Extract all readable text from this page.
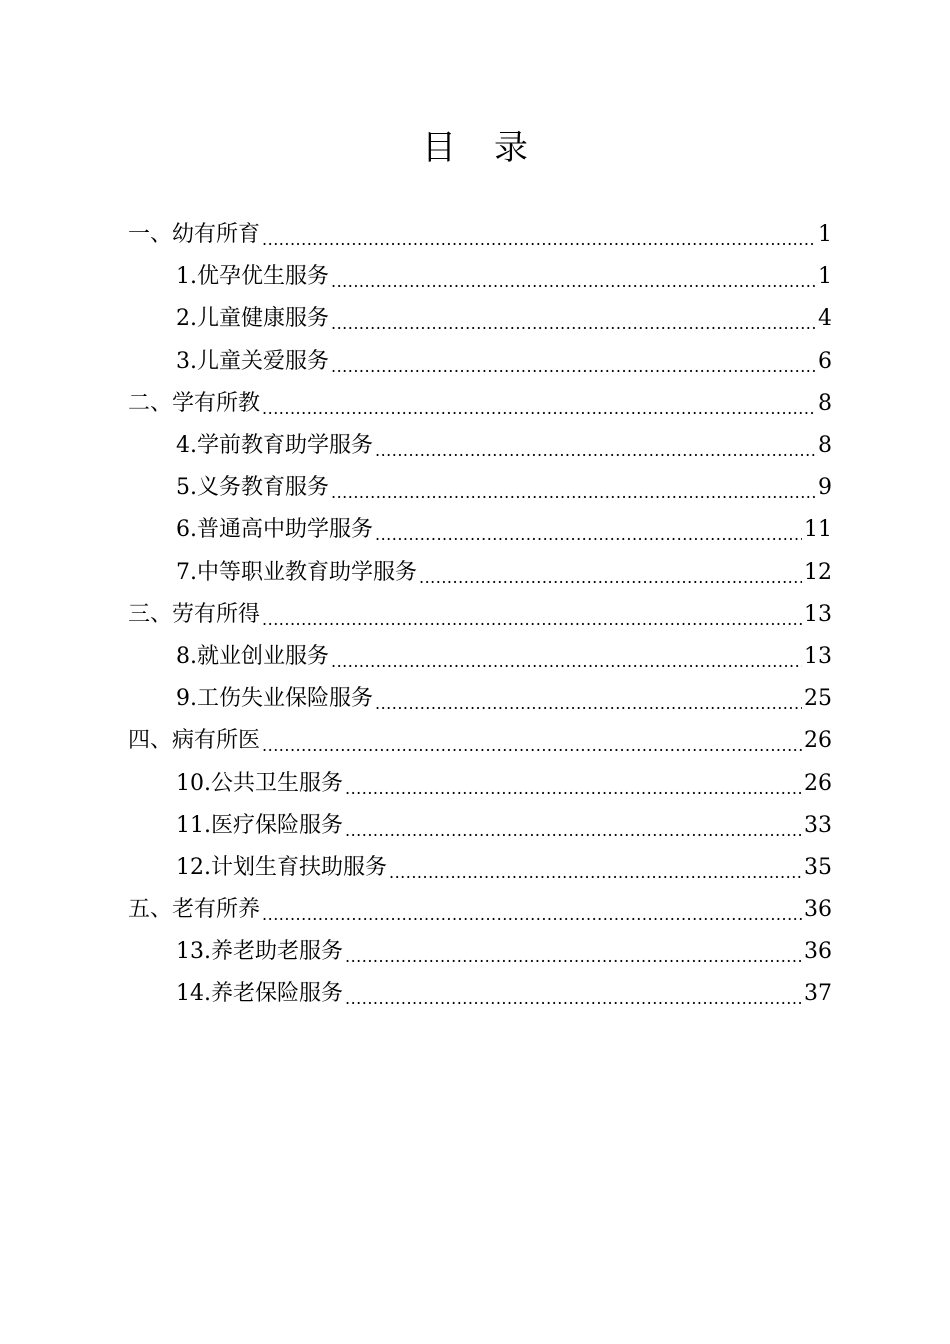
目 录
一、幼有所育 .....	1
1.优孕优生服务 .....	1
2.儿童健康服务 .....	4
3.儿童关爱服务 .....	6
二、学有所教 .....	8
4.学前教育助学服务 .....	8
5.义务教育服务 .....	9
6.普通高中助学服务 .....	11
7.中等职业教育助学服务 .....	12
三、劳有所得 .....	13
8.就业创业服务 .....	13
9.工伤失业保险服务 .....	25
四、病有所医 .....	26
10.公共卫生服务 .....	26
11.医疗保险服务 .....	33
12.计划生育扶助服务 .....	35
五、老有所养 .....	36
13.养老助老服务 .....	36
14.养老保险服务 .....	37
